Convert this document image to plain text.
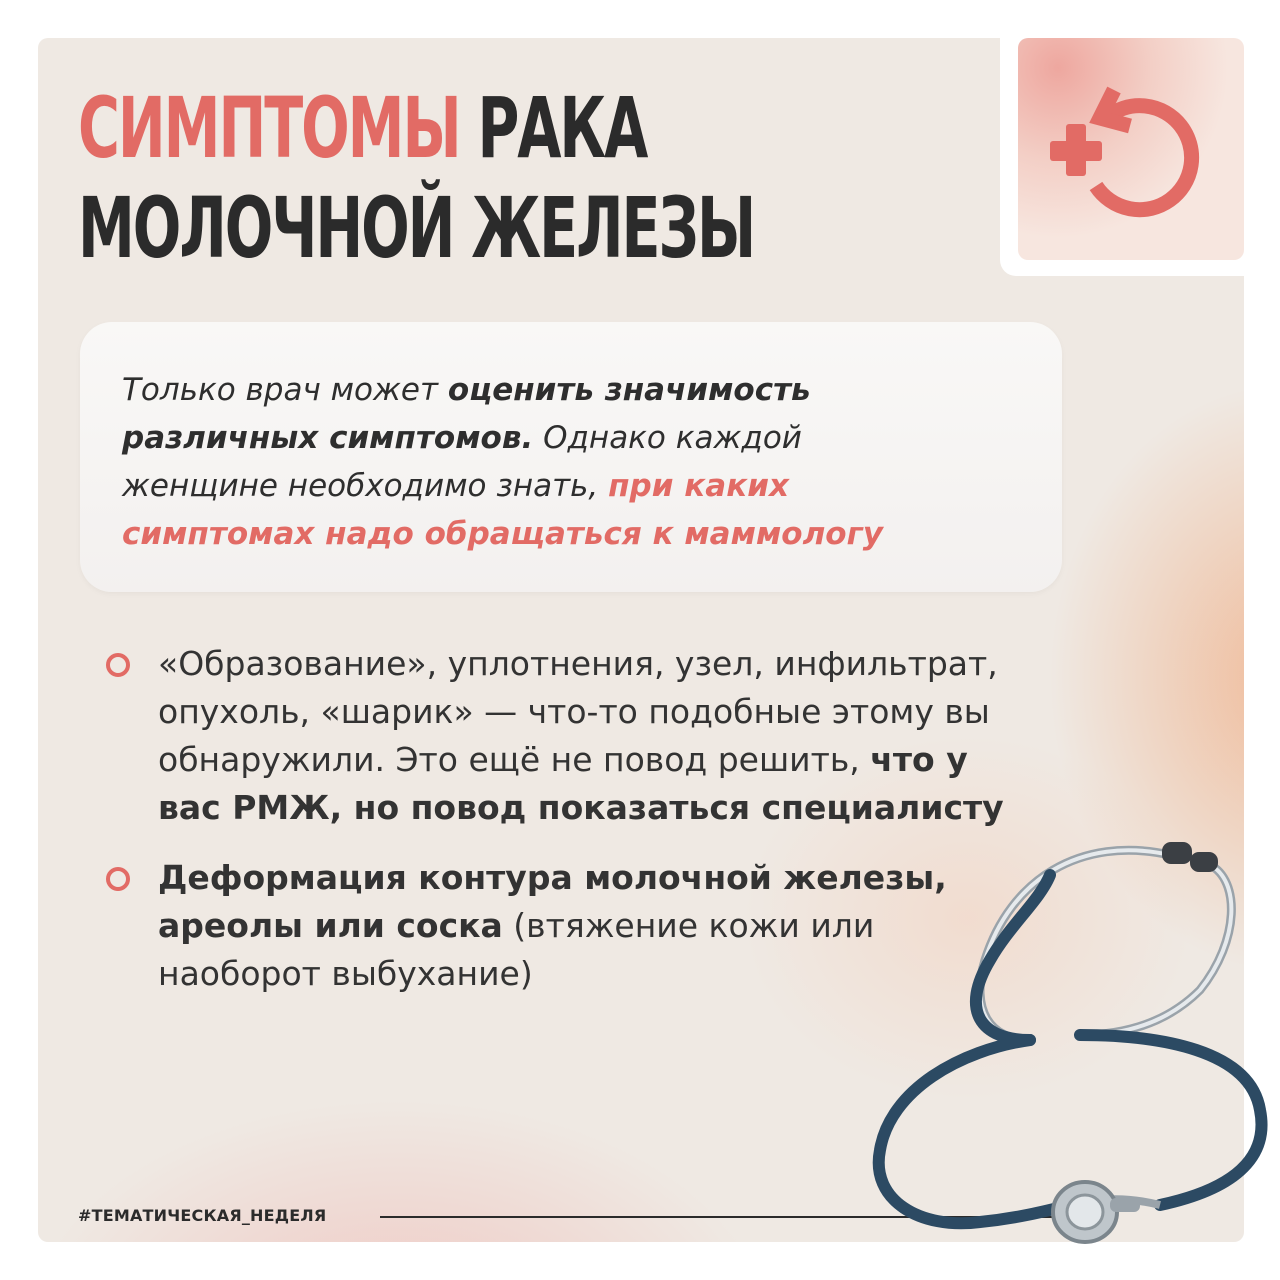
СИМПТОМЫ РАКА
МОЛОЧНОЙ ЖЕЛЕЗЫ
Только врач может оценить значимость
различных симптомов. Однако каждой
женщине необходимо знать, при каких
симптомах надо обращаться к маммологу
«Образование», уплотнения, узел, инфильтрат,
опухоль, «шарик» — что-то подобные этому вы
обнаружили. Это ещё не повод решить, что у
вас РМЖ, но повод показаться специалисту
Деформация контура молочной железы,
ареолы или соска (втяжение кожи или
наоборот выбухание)
#ТЕМАТИЧЕСКАЯ_НЕДЕЛЯ
